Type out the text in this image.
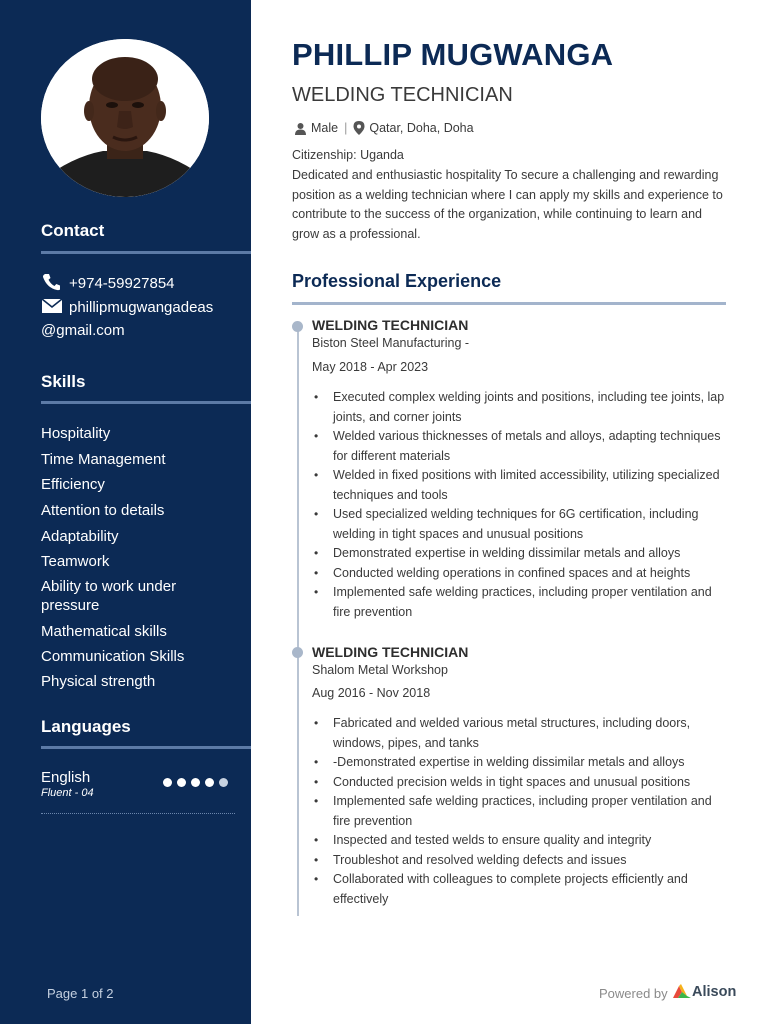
Contact
+974-59927854
phillipmugwangadeas
@gmail.com
Skills
Hospitality
Time Management
Efficiency
Attention to details
Adaptability
Teamwork
Ability to work under pressure
Mathematical skills
Communication Skills
Physical strength
Languages
English
Fluent - 04
Page 1 of 2
PHILLIP MUGWANGA
WELDING TECHNICIAN
Male | Qatar, Doha, Doha
Citizenship: Uganda
Dedicated and enthusiastic hospitality To secure a challenging and rewarding position as a welding technician where I can apply my skills and experience to contribute to the success of the organization, while continuing to learn and grow as a professional.
Professional Experience
WELDING TECHNICIAN
Biston Steel Manufacturing -
May 2018 - Apr 2023
• Executed complex welding joints and positions, including tee joints, lap joints, and corner joints
• Welded various thicknesses of metals and alloys, adapting techniques for different materials
• Welded in fixed positions with limited accessibility, utilizing specialized techniques and tools
• Used specialized welding techniques for 6G certification, including welding in tight spaces and unusual positions
• Demonstrated expertise in welding dissimilar metals and alloys
• Conducted welding operations in confined spaces and at heights
• Implemented safe welding practices, including proper ventilation and fire prevention
WELDING TECHNICIAN
Shalom Metal Workshop
Aug 2016 - Nov 2018
• Fabricated and welded various metal structures, including doors, windows, pipes, and tanks
• -Demonstrated expertise in welding dissimilar metals and alloys
• Conducted precision welds in tight spaces and unusual positions
• Implemented safe welding practices, including proper ventilation and fire prevention
• Inspected and tested welds to ensure quality and integrity
• Troubleshot and resolved welding defects and issues
• Collaborated with colleagues to complete projects efficiently and effectively
Powered by	Alison
